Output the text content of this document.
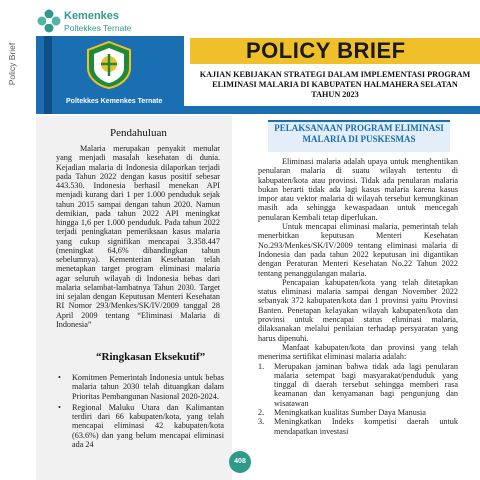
Kemenkes
Poltekkes Ternate
Policy Brief
Poltekkes Kemenkes Ternate
POLICY BRIEF
KAJIAN KEBIJAKAN STRATEGI DALAM IMPLEMENTASI PROGRAM
ELIMINASI MALARIA DI KABUPATEN HALMAHERA SELATAN
TAHUN 2023
Pendahuluan
Malaria merupakan penyakit menular yang menjadi masalah kesehatan di dunia. Kejadian malaria di Indonesia dilaporkan terjadi pada Tahun 2022 dengan kasus positif sebesar 443.530. Indonesia berhasil menekan API menjadi kurang dari 1 per 1.000 penduduk sejak tahun 2015 sampai dengan tahun 2020. Namun demikian, pada tahun 2022 API meningkat hingga 1,6 per 1.000 penduduk. Pada tahun 2022 terjadi peningkatan pemeriksaan kasus malaria yang cukup signifikan mencapai 3.358.447 (meningkat 64,6% dibandingkan tahun sebelumnya). Kementerian Kesehatan telah menetapkan target program eliminasi malaria agar seluruh wilayah di Indonesia bebas dari malaria selambat-lambatnya Tahun 2030. Target ini sejalan dengan Keputusan Menteri Kesehatan RI Nomor 293/Menkes/SK/IV/2009 tanggal 28 April 2009 tentang “Eliminasi Malaria di Indonesia”
“Ringkasan Eksekutif”
• Komitmen Pemerintah Indonesia untuk bebas malaria tahun 2030 telah dituangkan dalam Prioritas Pembangunan Nasional 2020-2024.
• Regional Maluku Utara dan Kalimantan terdiri dari 66 kabupaten/kota, yang telah mencapai eliminasi 42 kabupaten/kota (63.6%) dan yang belum mencapai eliminasi ada 24
PELAKSANAAN PROGRAM ELIMINASI MALARIA DI PUSKESMAS

Eliminasi malaria adalah upaya untuk menghentikan penularan malaria di suatu wilayah tertentu di kabupaten/kota atau provinsi. Tidak ada penularan malaria bukan berarti tidak ada lagi kasus malaria karena kasus impor atau vektor malaria di wilayah tersebut kemungkinan masih ada sehingga kewaspadaan untuk mencegah penularan Kembali tetap diperlukan.

Untuk mencapai eliminasi malaria, pemerintah telah menerbitkan keputusan Menteri Kesehatan No.293/Menkes/SK/IV/2009 tentang eliminasi malaria di Indonesia dan pada tahun 2022 keputusan ini digantikan dengan Peraturan Menteri Kesehatan No.22 Tahun 2022 tentang penanggulangan malaria.

Pencapaian kabupaten/kota yang telah ditetapkan status eliminasi malaria sampai dengan November 2022 sebanyak 372 kabupaten/kota dan 1 provinsi yaitu Provinsi Banten. Penetapan kelayakan wilayah kabupaten/kota dan provinsi untuk mencapai status eliminasi malaria, dilaksanakan melalui penilaian terhadap persyaratan yang harus dipenuhi.

Manfaat kabupaten/kota dan provinsi yang telah menerima sertifikat eliminasi malaria adalah:

1. Merupakan jaminan bahwa tidak ada lagi penularan malaria setempat bagi masyarakat/penduduk yang tinggal di daerah tersebut sehingga memberi rasa keamanan dan kenyamanan bagi pengunjung dan wisatawan
2. Meningkatkan kualitas Sumber Daya Manusia
3. Meningkatkan Indeks kompetisi daerah untuk mendapatkan investasi
408
